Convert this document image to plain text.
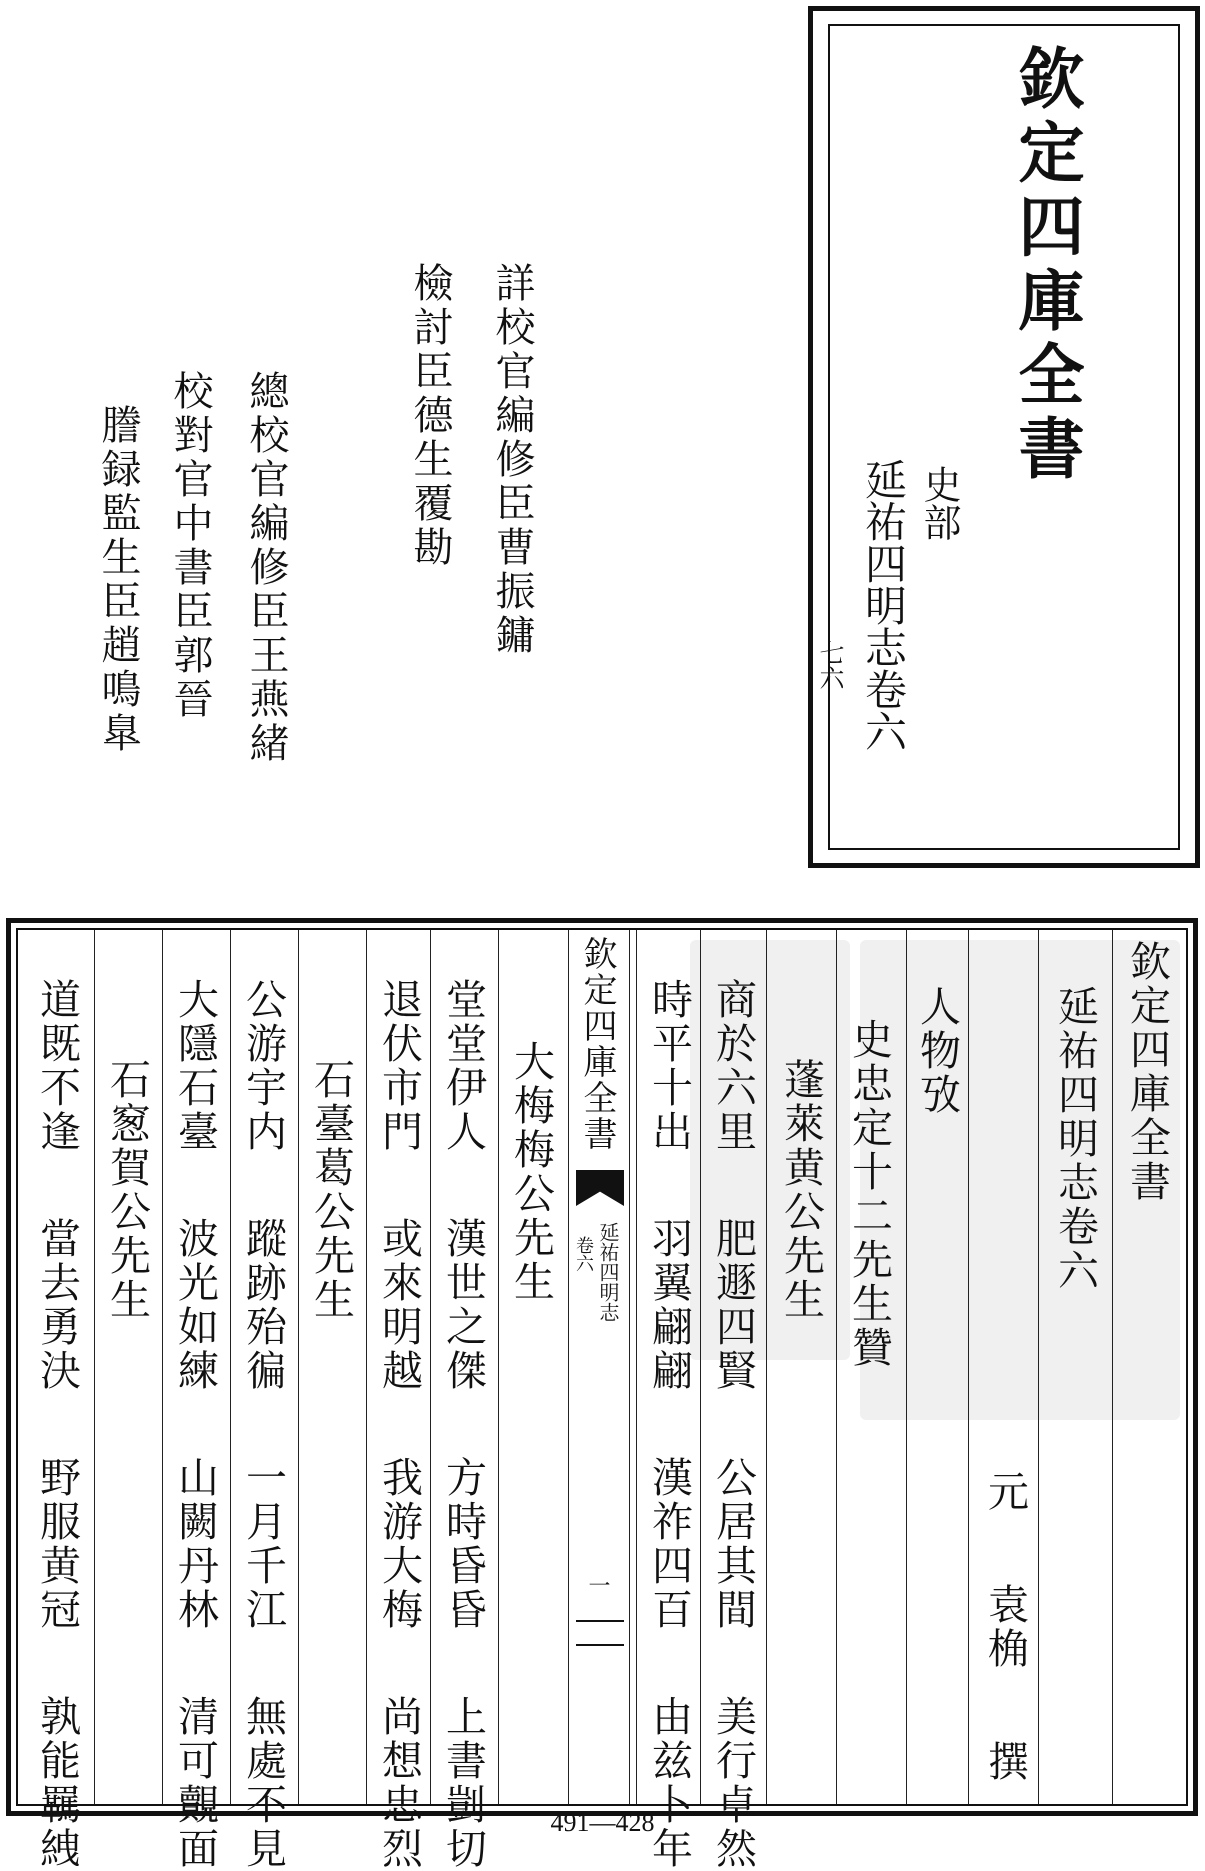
欽定四庫全書
史部
延祐四明志卷六
七六
詳校官編修臣曹振鏞
檢討臣德生覆勘
總校官編修臣王燕緒
校對官中書臣郭晉
謄録監生臣趙鳴臯
欽定四庫全書
延祐四明志卷六
元 袁桷 撰
人物攷
史忠定十二先生贊
蓬萊黄公先生
商於六里 肥遯四賢 公居其間 美行卓然
時平十出 羽翼翩翩 漢祚四百 由兹卜年
欽定四庫全書
延祐四明志
卷六
一
大梅梅公先生
堂堂伊人 漢世之傑 方時昏昏 上書剴切
退伏市門 或來明越 我游大梅 尚想忠烈
石臺葛公先生
公游宇内 蹤跡殆徧 一月千江 無處不見
大隱石臺 波光如練 山闕丹林 清可覿面
石䆫賀公先生
道既不逢 當去勇決 野服黄冠 孰能羈絏	491—428
